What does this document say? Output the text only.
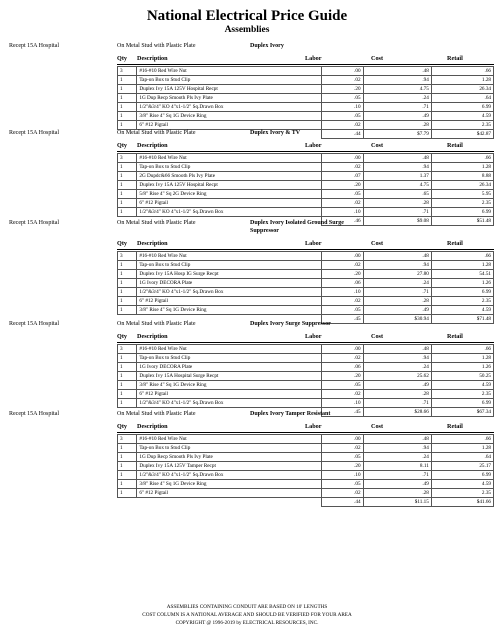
National Electrical Price Guide
Assemblies
Recept 15A Hospital	On Metal Stud with Plastic Plate	Duplex Ivory
Qty Description	Labor	Cost	Retail
3	#16-#10 Red Wire Nut	.00	.48	.66
1	Tap-on Box to Stud Clip	.02	.94	1.28
1	Duplex Ivy 15A 125V Hospital Recpt	.20	4.75	26.34
1	1G Dup Recp Smooth Pls Ivy Plate	.05	.24	.64
1	1/2"&3/4" KO 4"x1-1/2" Sq.Drawn Box	.10	.71	6.99
1	3/8" Rise 4" Sq 1G Device Ring	.05	.49	4.59
1	6" #12 Pigtail	.02	.28	2.35
		.44	$7.79	$42.87
Recept 15A Hospital	On Metal Stud with Plastic Plate	Duplex Ivory & TV
Qty Description	Labor	Cost	Retail
3	#16-#10 Red Wire Nut	.00	.48	.66
1	Tap-on Box to Stud Clip	.02	.94	1.28
1	2G Dupdc&66 Smooth Pls Ivy Plate	.07	1.37	8.88
1	Duplex Ivy 15A 125V Hospital Recpt	.20	4.75	26.34
1	5/8" Rise 4" Sq 2G Device Ring	.05	.65	5.95
1	6" #12 Pigtail	.02	.28	2.35
1	1/2"&3/4" KO 4"x1-1/2" Sq.Drawn Box	.10	.71	6.99
		.46	$9.08	$51.48
Recept 15A Hospital	On Metal Stud with Plastic Plate	Duplex Ivory Isolated Ground Surge Suppressor
Qty Description	Labor	Cost	Retail
3	#16-#10 Red Wire Nut	.00	.48	.66
1	Tap-on Box to Stud Clip	.02	.94	1.28
1	Duplex Ivy 15A Hosp IG Surge Recpt	.20	27.80	54.51
1	1G Ivory DECORA Plate	.06	.24	1.26
1	1/2"&3/4" KO 4"x1-1/2" Sq.Drawn Box	.10	.71	6.99
1	6" #12 Pigtail	.02	.28	2.35
1	3/8" Rise 4" Sq 1G Device Ring	.05	.49	4.59
		.45	$30.94	$71.48
Recept 15A Hospital	On Metal Stud with Plastic Plate	Duplex Ivory Surge Suppressor
Qty Description	Labor	Cost	Retail
3	#16-#10 Red Wire Nut	.00	.48	.66
1	Tap-on Box to Stud Clip	.02	.94	1.28
1	1G Ivory DECORA Plate	.06	.24	1.26
1	Duplex Ivy 15A Hospital Surge Recpt	.20	25.62	50.25
1	3/8" Rise 4" Sq 1G Device Ring	.05	.49	4.59
1	6" #12 Pigtail	.02	.28	2.35
1	1/2"&3/4" KO 4"x1-1/2" Sq.Drawn Box	.10	.71	6.99
		.45	$28.66	$67.34
Recept 15A Hospital	On Metal Stud with Plastic Plate	Duplex Ivory Tamper Resistant
Qty Description	Labor	Cost	Retail
3	#16-#10 Red Wire Nut	.00	.48	.66
1	Tap-on Box to Stud Clip	.02	.94	1.28
1	1G Dup Recp Smooth Pls Ivy Plate	.05	.24	.64
1	Duplex Ivy 15A 125V Tamper Recpt	.20	8.11	25.17
1	1/2"&3/4" KO 4"x1-1/2" Sq.Drawn Box	.10	.71	6.99
1	3/8" Rise 4" Sq 1G Device Ring	.05	.49	4.59
1	6" #12 Pigtail	.02	.28	2.35
		.44	$11.15	$41.66
ASSEMBLIES CONTAINING CONDUIT ARE BASED ON 10' LENGTHS
COST COLUMN IS A NATIONAL AVERAGE AND SHOULD BE VERIFIED FOR YOUR AREA
COPYRIGHT @ 1996-2019 by ELECTRICAL RESOURCES, INC.
